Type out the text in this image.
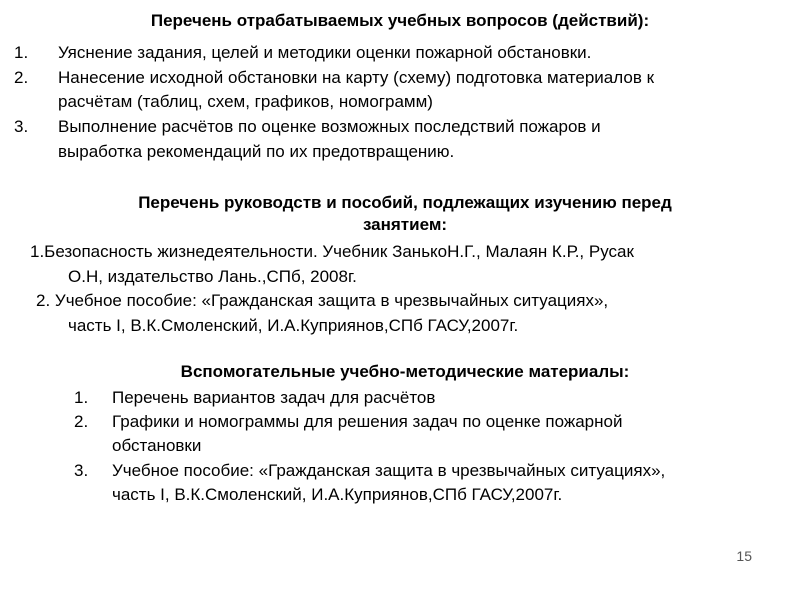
Перечень отрабатываемых учебных вопросов (действий):
1. Уяснение задания, целей и методики оценки пожарной обстановки.
2. Нанесение исходной обстановки на карту (схему) подготовка материалов к
расчётам (таблиц, схем, графиков, номограмм)
3. Выполнение расчётов по оценке возможных последствий пожаров и
выработка рекомендаций по их предотвращению.
Перечень руководств и пособий, подлежащих изучению перед
занятием:
1.Безопасность жизнедеятельности. Учебник ЗанькоН.Г., Малаян К.Р., Русак
О.Н, издательство Лань.,СПб, 2008г.
2. Учебное пособие: «Гражданская защита в чрезвычайных ситуациях»,
часть I, В.К.Смоленский, И.А.Куприянов,СПб ГАСУ,2007г.
Вспомогательные учебно-методические материалы:
1. Перечень вариантов задач для расчётов
2. Графики и номограммы для решения задач по оценке пожарной
обстановки
3. Учебное пособие: «Гражданская защита в чрезвычайных ситуациях»,
часть I, В.К.Смоленский, И.А.Куприянов,СПб ГАСУ,2007г.
15
